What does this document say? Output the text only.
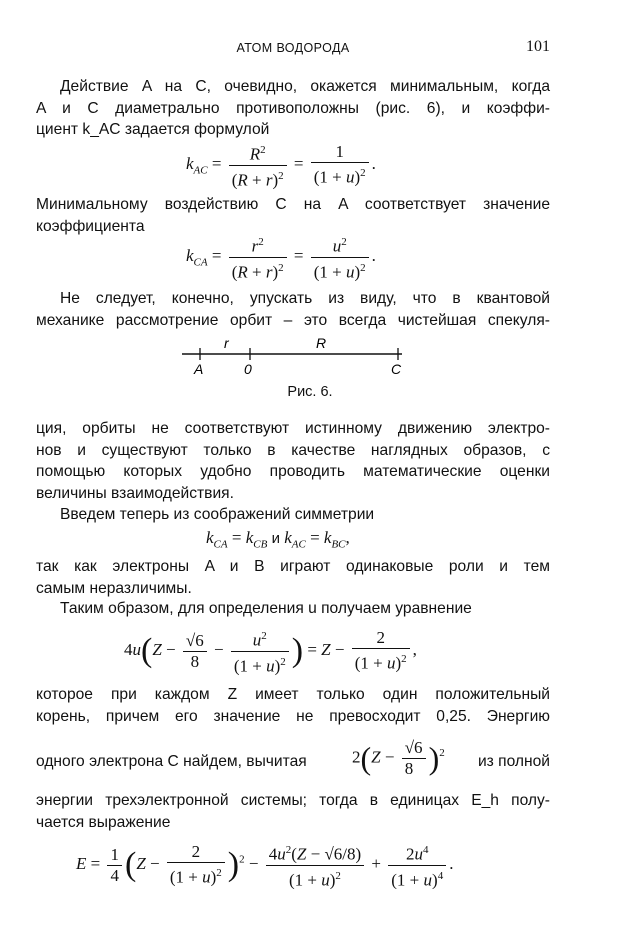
АТОМ ВОДОРОДА	101
Действие A на C, очевидно, окажется минимальным, когда
A и C диаметрально противоположны (рис. 6), и коэффи-
циент k_AC задается формулой
$k_{AC} = \frac{R^2}{(R + r)^2} = \frac{1}{(1 + u)^2}$ .
Минимальному воздействию C на A соответствует значение
коэффициента
$k_{CA} = \frac{r^2}{(R + r)^2} = \frac{u^2}{(1 + u)^2}$ .
Не следует, конечно, упускать из виду, что в квантовой
механике рассмотрение орбит – это всегда чистейшая спекуля-
r	R
A	0	C
Рис. 6.
ция, орбиты не соответствуют истинному движению электро-
нов и существуют только в качестве наглядных образов, с
помощью которых удобно проводить математические оценки
величины взаимодействия.
Введем теперь из соображений симметрии
$k_{CA} = k_{CB}$ и $k_{AC} = k_{BC}$,
так как электроны A и B играют одинаковые роли и тем
самым неразличимы.
Таким образом, для определения u получаем уравнение
$4u(Z - \frac{√6}{8} - \frac{u^2}{(1 + u)^2}$ ) = $Z - \frac{2}{(1 + u)^2}$ ,
которое при каждом Z имеет только один положительный
корень, причем его значение не превосходит 0,25. Энергию
одного электрона C найдем, вычитая	$2(Z - \frac{√6}{8} )^2$
из полной
энергии трехэлектронной системы; тогда в единицах E_h полу-
чается выражение
$E = \frac{1}{4} (Z - \frac{2}{(1 + u)^2} )^2 - \frac{4u^2(Z - √6/8)}{(1 + u)^2} + \frac{2u^4}{(1 + u)^4}$ .
